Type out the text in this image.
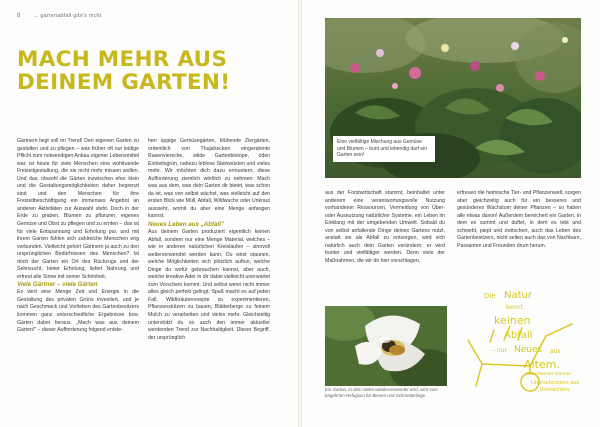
8 → gartenabfall gibt's nicht
MACH MEHR AUS
DEINEM GARTEN!

Gärtnern liegt voll im Trend! Den eigenen Garten zu gestalten und zu pflegen – was früher oft nur leidige Pflicht zum notwendigen Anbau eigener Lebensmittel war, ist heute für viele Menschen eine wohltuende Freizeitgestaltung, die sie nicht mehr missen wollen. Und das, obwohl die Gärten inzwischen eher klein und die Gestaltungsmöglichkeiten daher begrenzt sind und den Menschen für ihre Freizeitbeschäftigung ein immenses Angebot an anderen Aktivitäten zur Auswahl steht. Doch in der Erde zu graben, Blumen zu pflanzen, eigenes Gemüse und Obst zu pflegen und zu ernten – das ist für viele Entspannung und Erholung pur, und mit ihrem Garten fühlen sich zahlreiche Menschen eng verbunden. Vielleicht gehört Gärtnern ja auch zu den ursprünglichen Bedürfnissen des Menschen? Ist doch der Garten ein Ort des Rückzugs und der Sehnsucht, bietet Erholung, liefert Nahrung und erfreut alle Sinne mit seiner Schönheit.

Viele Gärtner – viele Gärten

Es wird eine Menge Zeit und Energie in die Gestaltung des privaten Grüns investiert, und je nach Geschmack und Vorlieben des Gartenbesitzers kommen ganz unterschiedliche Ergebnisse bzw. Gärten dabei heraus. „Mach was aus deinem Garten!" – dieser Aufforderung folgend entste-

hen üppige Gemüsegärten, blühende Ziergärten, ordentlich von Thujahecken eingerahmte Rasenvierecke, wilde Gartenbiotope, öden Einheitsgrün, nahezu leblose Steinwüsten und vieles mehr. Wir möchten dich dazu ermuntern, diese Aufforderung ziemlich wörtlich zu nehmen: Mach was aus dem, was dein Garten dir bietet, was schon da ist, was von selbst wächst, was vielleicht auf den ersten Blick wie Müll, Abfall, Wildwuchs oder Unkraut aussieht, womit du aber eine Menge anfangen kannst.

Neues Leben aus „Abfall"

Aus deinem Garten produziert eigentlich keinen Abfall, sondern nur eine Menge Material, welches – wie in anderen natürlichen Kreisläufen – sinnvoll weiterverwendet werden kann. Du wirst staunen, welche Möglichkeiten sich plötzlich auftun, welche Dinge du wofür gebrauchen kannst, aber auch, welche kreative Ader in dir dabei vielleicht unerwartet zum Vorschein kommt. Und selbst wenn nicht immer alles gleich perfekt gelingt: Spaß macht es auf jeden Fall, Wildkräuterrezepte zu experimentieren, Pflanzenstützen zu bauen, Blätterberge zu feinem Mulch zu verarbeiten und vieles mehr. Gleichzeitig unterstützt du so auch den immer aktueller werdenden Trend zur Nachhaltigkeit. Dieser Begriff, der ursprünglich

Eine vielfältige Mischung aus Gemüse und Blumen – bunt und lebendig darf ein Garten sein!

aus der Forstwirtschaft stammt, beinhaltet unter anderem eine verantwortungsvolle Nutzung vorhandener Ressourcen, Vermeidung von Über- oder Ausnutzung natürlicher Systeme, ein Leben im Einklang mit der umgebenden Umwelt. Sobald du von selbst anfallende Dinge deines Gartens nutzt, anstatt sie als Abfall zu entsorgen, wird sich natürlich auch dein Garten verändern; er wird bunter und vielfältiger werden. Denn viele der Maßnahmen, die wir dir hier vorschlagen,

erfreuen die heimische Tier- und Pflanzenwelt, sorgen aber gleichzeitig auch für ein besseres und gesünderes Wachstum deiner Pflanzen – so haben alle etwas davon! Außerdem bereichert ein Garten, in dem es summt und duftet, in dem es lebt und schwebt, piept und zwitschert, auch das Leben des Gartenbesitzers, nicht selten auch das von Nachbarn, Passanten und Freunden drum herum.

Ein Garten, in dem vieles wiederverwendet wird, wird zum begehrten Refugium für Bienen und Schmetterlinge.
Die Natur
kennt
keinen
Abfall
– nur Neues aus
Altem.
Unbekannter Gärtner
Unerschrocken aus Unmischten.
